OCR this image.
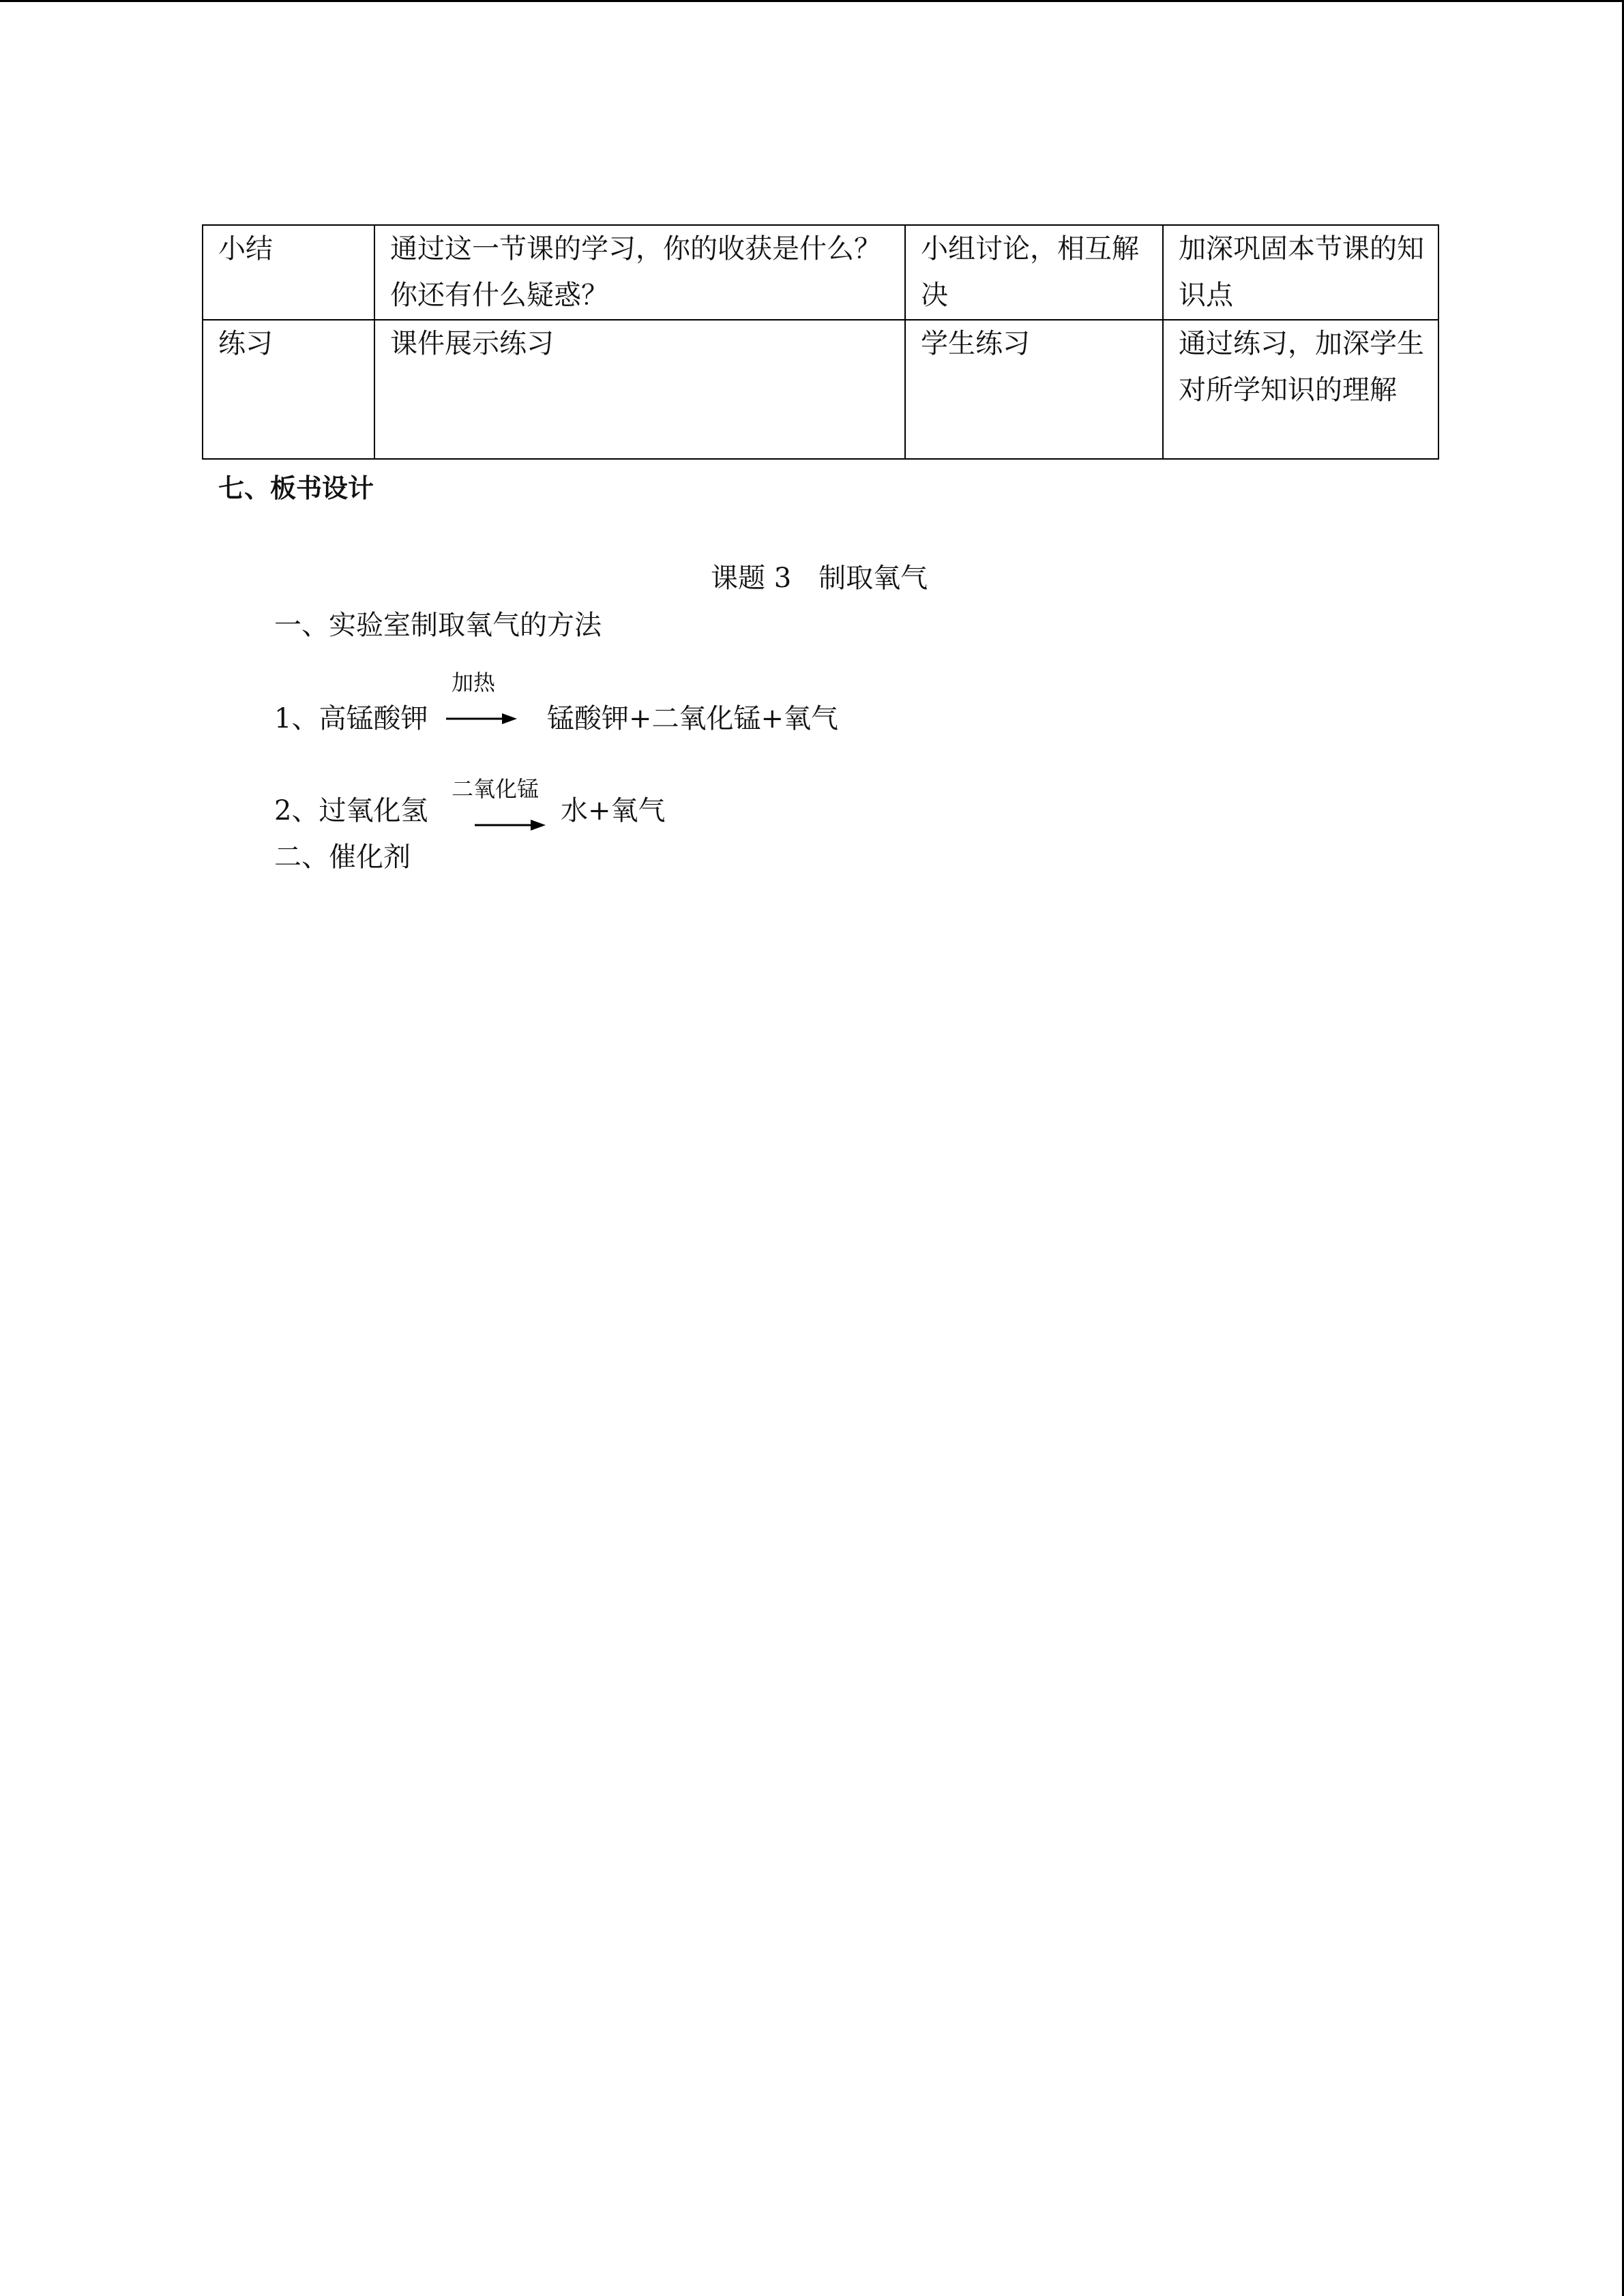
小结	通过这一节课的学习，你的收获是什么？你还有什么疑惑？	小组讨论，相互解决	加深巩固本节课的知识点
练习	课件展示练习	学生练习	通过练习，加深学生对所学知识的理解
七、板书设计
课题 3　制取氧气
一、实验室制取氧气的方法
加热
1、高锰酸钾	锰酸钾+二氧化锰+氧气
二氧化锰
2、过氧化氢	水+氧气
二、催化剂
